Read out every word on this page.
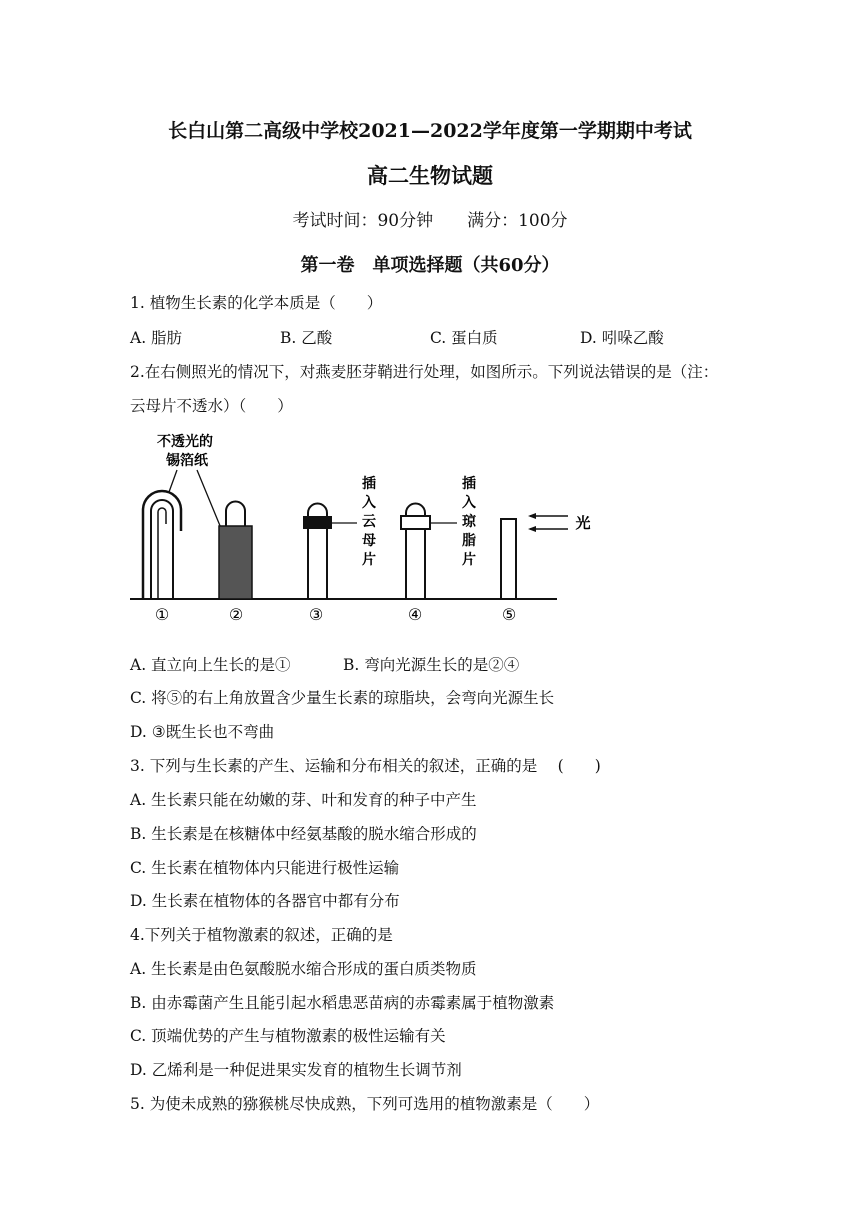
长白山第二高级中学校2021—2022学年度第一学期期中考试
高二生物试题
考试时间：90分钟 满分：100分
第一卷　单项选择题（共60分）
1. 植物生长素的化学本质是（　　）
A. 脂肪	B. 乙酸	C. 蛋白质	D. 吲哚乙酸
2.在右侧照光的情况下，对燕麦胚芽鞘进行处理，如图所示。下列说法错误的是（注：
云母片不透水）（　　）
不透光的
锡箔纸
插
入
云
母
片
插
入
琼
脂
片
光
①	②	③	④	⑤
A. 直立向上生长的是①	B. 弯向光源生长的是②④
C. 将⑤的右上角放置含少量生长素的琼脂块，会弯向光源生长
D. ③既生长也不弯曲
3. 下列与生长素的产生、运输和分布相关的叙述，正确的是　 (　　)
A. 生长素只能在幼嫩的芽、叶和发育的种子中产生
B. 生长素是在核糖体中经氨基酸的脱水缩合形成的
C. 生长素在植物体内只能进行极性运输
D. 生长素在植物体的各器官中都有分布
4.下列关于植物激素的叙述，正确的是
A. 生长素是由色氨酸脱水缩合形成的蛋白质类物质
B. 由赤霉菌产生且能引起水稻患恶苗病的赤霉素属于植物激素
C. 顶端优势的产生与植物激素的极性运输有关
D. 乙烯利是一种促进果实发育的植物生长调节剂
5. 为使未成熟的猕猴桃尽快成熟，下列可选用的植物激素是（　　）
